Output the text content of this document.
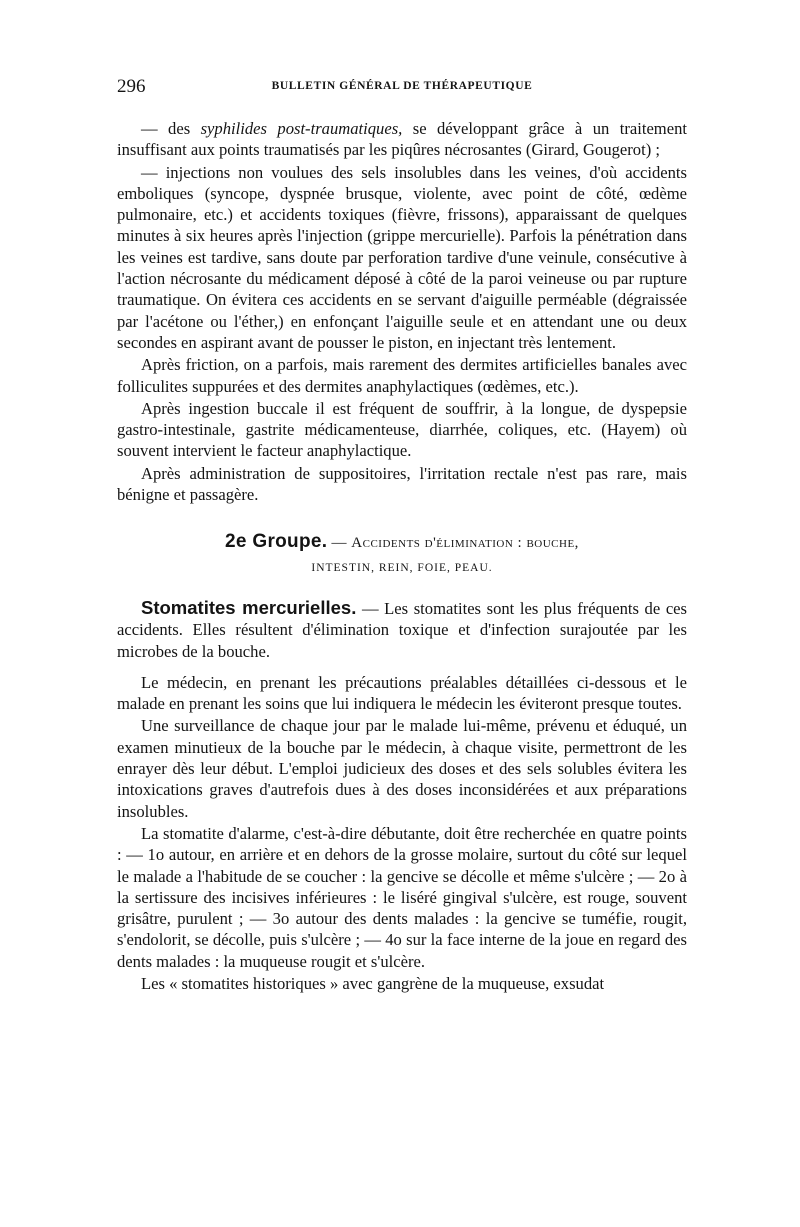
296	BULLETIN GÉNÉRAL DE THÉRAPEUTIQUE

— des syphilides post-traumatiques, se développant grâce à un traitement insuffisant aux points traumatisés par les piqûres nécrosantes (Girard, Gougerot) ;

— injections non voulues des sels insolubles dans les veines, d'où accidents emboliques (syncope, dyspnée brusque, violente, avec point de côté, œdème pulmonaire, etc.) et accidents toxiques (fièvre, frissons), apparaissant de quelques minutes à six heures après l'injection (grippe mercurielle). Parfois la pénétration dans les veines est tardive, sans doute par perforation tardive d'une veinule, consécutive à l'action nécrosante du médicament déposé à côté de la paroi veineuse ou par rupture traumatique. On évitera ces accidents en se servant d'aiguille perméable (dégraissée par l'acétone ou l'éther,) en enfonçant l'aiguille seule et en attendant une ou deux secondes en aspirant avant de pousser le piston, en injectant très lentement.

Après friction, on a parfois, mais rarement des dermites artificielles banales avec folliculites suppurées et des dermites anaphylactiques (œdèmes, etc.).

Après ingestion buccale il est fréquent de souffrir, à la longue, de dyspepsie gastro-intestinale, gastrite médicamenteuse, diarrhée, coliques, etc. (Hayem) où souvent intervient le facteur anaphylactique.

Après administration de suppositoires, l'irritation rectale n'est pas rare, mais bénigne et passagère.

2e Groupe. — Accidents d'élimination : bouche,
INTESTIN, REIN, FOIE, PEAU.

Stomatites mercurielles. — Les stomatites sont les plus fréquents de ces accidents. Elles résultent d'élimination toxique et d'infection surajoutée par les microbes de la bouche.

Le médecin, en prenant les précautions préalables détaillées ci-dessous et le malade en prenant les soins que lui indiquera le médecin les éviteront presque toutes.

Une surveillance de chaque jour par le malade lui-même, prévenu et éduqué, un examen minutieux de la bouche par le médecin, à chaque visite, permettront de les enrayer dès leur début. L'emploi judicieux des doses et des sels solubles évitera les intoxications graves d'autrefois dues à des doses inconsidérées et aux préparations insolubles.

La stomatite d'alarme, c'est-à-dire débutante, doit être recherchée en quatre points : — 1o autour, en arrière et en dehors de la grosse molaire, surtout du côté sur lequel le malade a l'habitude de se coucher : la gencive se décolle et même s'ulcère ; — 2o à la sertissure des incisives inférieures : le liséré gingival s'ulcère, est rouge, souvent grisâtre, purulent ; — 3o autour des dents malades : la gencive se tuméfie, rougit, s'endolorit, se décolle, puis s'ulcère ; — 4o sur la face interne de la joue en regard des dents malades : la muqueuse rougit et s'ulcère.

Les « stomatites historiques » avec gangrène de la muqueuse, exsudat
